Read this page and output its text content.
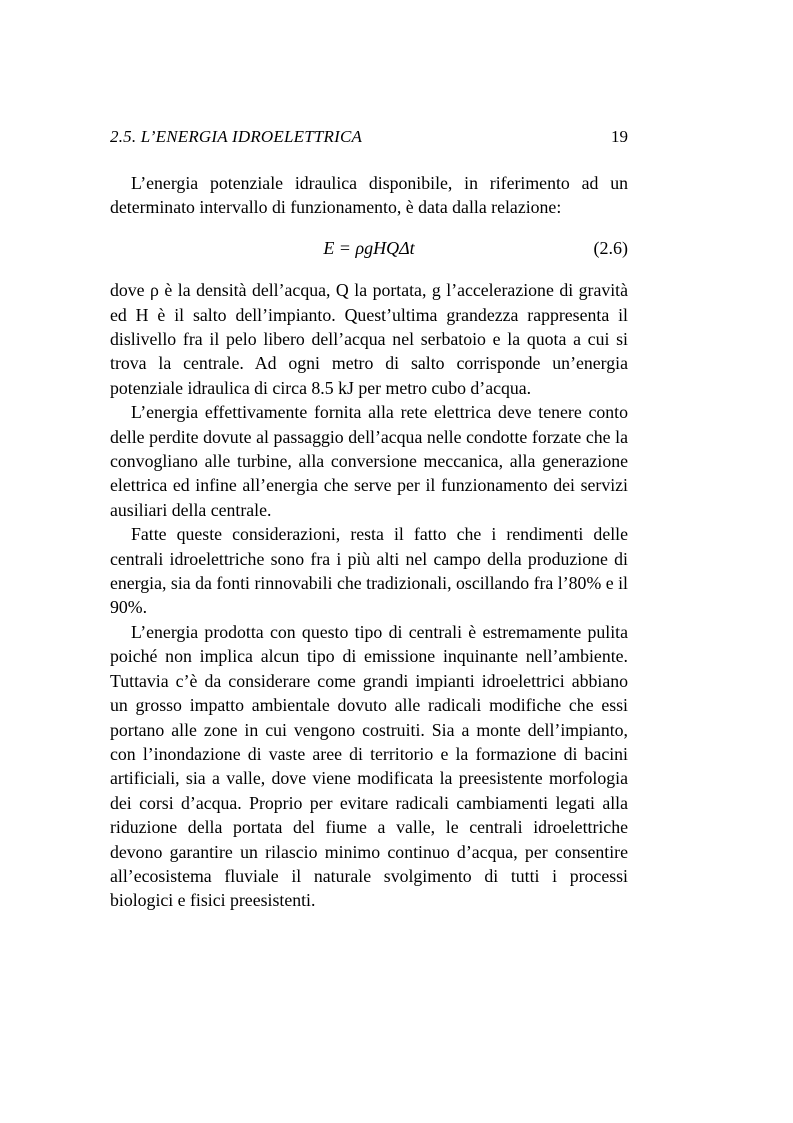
2.5. L’ENERGIA IDROELETTRICA	19

L’energia potenziale idraulica disponibile, in riferimento ad un determinato intervallo di funzionamento, è data dalla relazione:

E = ρgHQΔt	(2.6)

dove ρ è la densità dell’acqua, Q la portata, g l’accelerazione di gravità ed H è il salto dell’impianto. Quest’ultima grandezza rappresenta il dislivello fra il pelo libero dell’acqua nel serbatoio e la quota a cui si trova la centrale. Ad ogni metro di salto corrisponde un’energia potenziale idraulica di circa 8.5 kJ per metro cubo d’acqua.

L’energia effettivamente fornita alla rete elettrica deve tenere conto delle perdite dovute al passaggio dell’acqua nelle condotte forzate che la convogliano alle turbine, alla conversione meccanica, alla generazione elettrica ed infine all’energia che serve per il funzionamento dei servizi ausiliari della centrale.

Fatte queste considerazioni, resta il fatto che i rendimenti delle centrali idroelettriche sono fra i più alti nel campo della produzione di energia, sia da fonti rinnovabili che tradizionali, oscillando fra l’80% e il 90%.

L’energia prodotta con questo tipo di centrali è estremamente pulita poiché non implica alcun tipo di emissione inquinante nell’ambiente. Tuttavia c’è da considerare come grandi impianti idroelettrici abbiano un grosso impatto ambientale dovuto alle radicali modifiche che essi portano alle zone in cui vengono costruiti. Sia a monte dell’impianto, con l’inondazione di vaste aree di territorio e la formazione di bacini artificiali, sia a valle, dove viene modificata la preesistente morfologia dei corsi d’acqua. Proprio per evitare radicali cambiamenti legati alla riduzione della portata del fiume a valle, le centrali idroelettriche devono garantire un rilascio minimo continuo d’acqua, per consentire all’ecosistema fluviale il naturale svolgimento di tutti i processi biologici e fisici preesistenti.
